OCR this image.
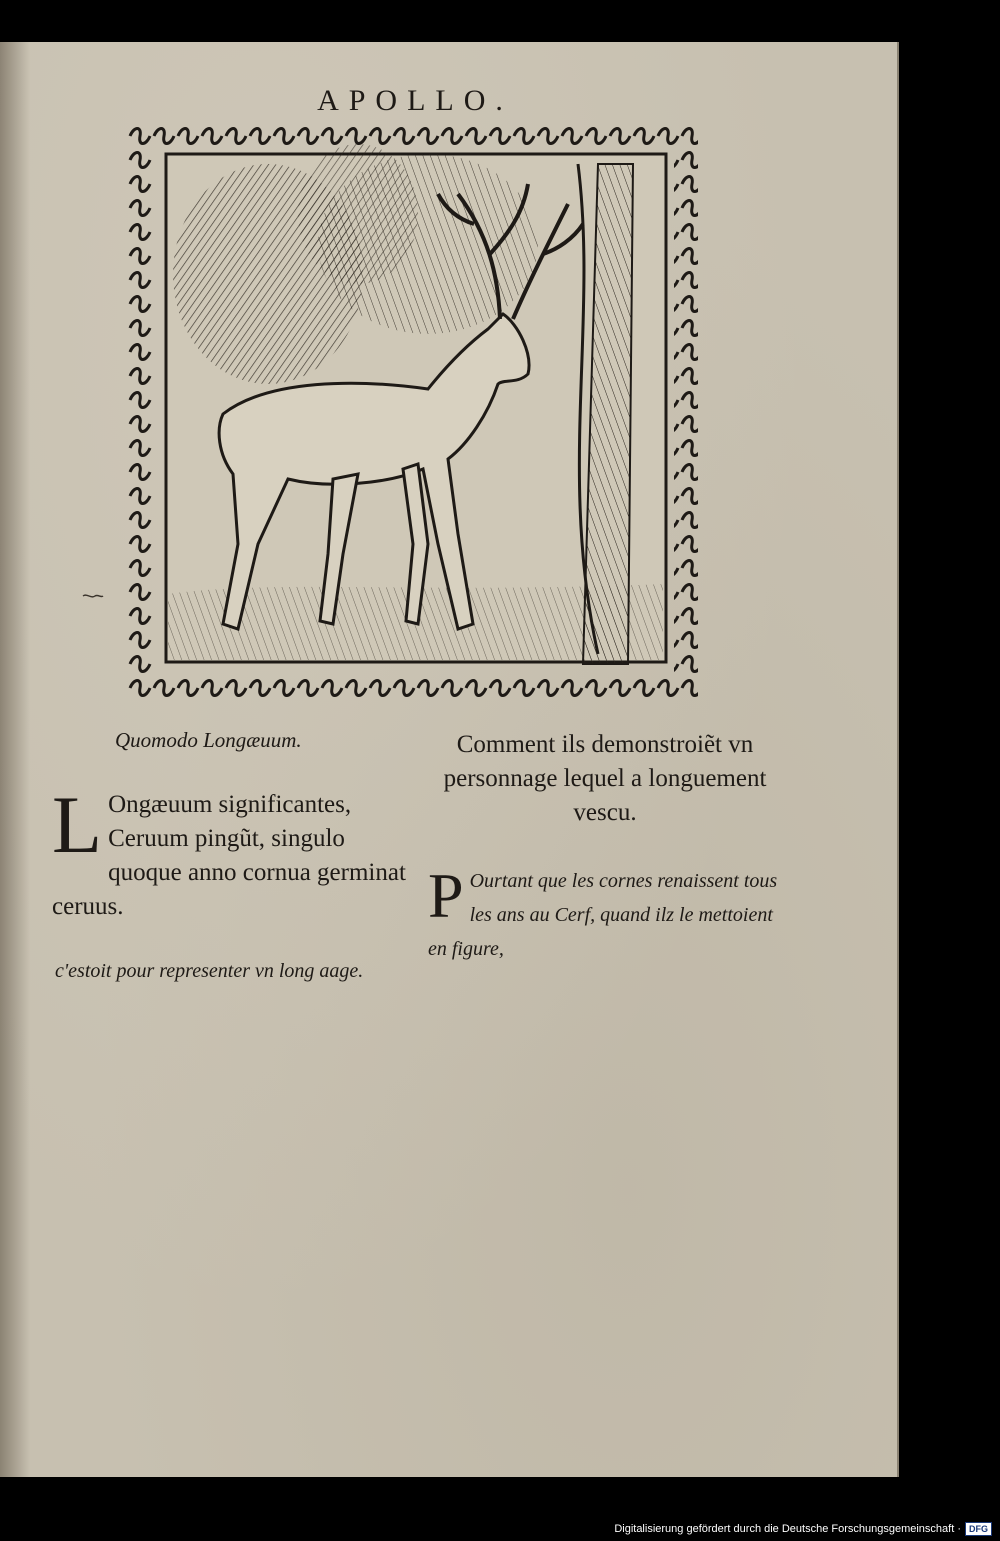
APOLLO.
Quomodo Longæuum.	Comment ils demonstroiẽt vn personnage lequel a longuement vescu.
L Ongæuum significantes, Ceruum pingũt, singulo quoque anno cornua germinat ceruus.	P Ourtant que les cornes renaissent tous les ans au Cerf, quand ilz le mettoient en figure,
c'estoit pour representer vn long aage.
Digitalisierung gefördert durch die Deutsche Forschungsgemeinschaft · DFG
